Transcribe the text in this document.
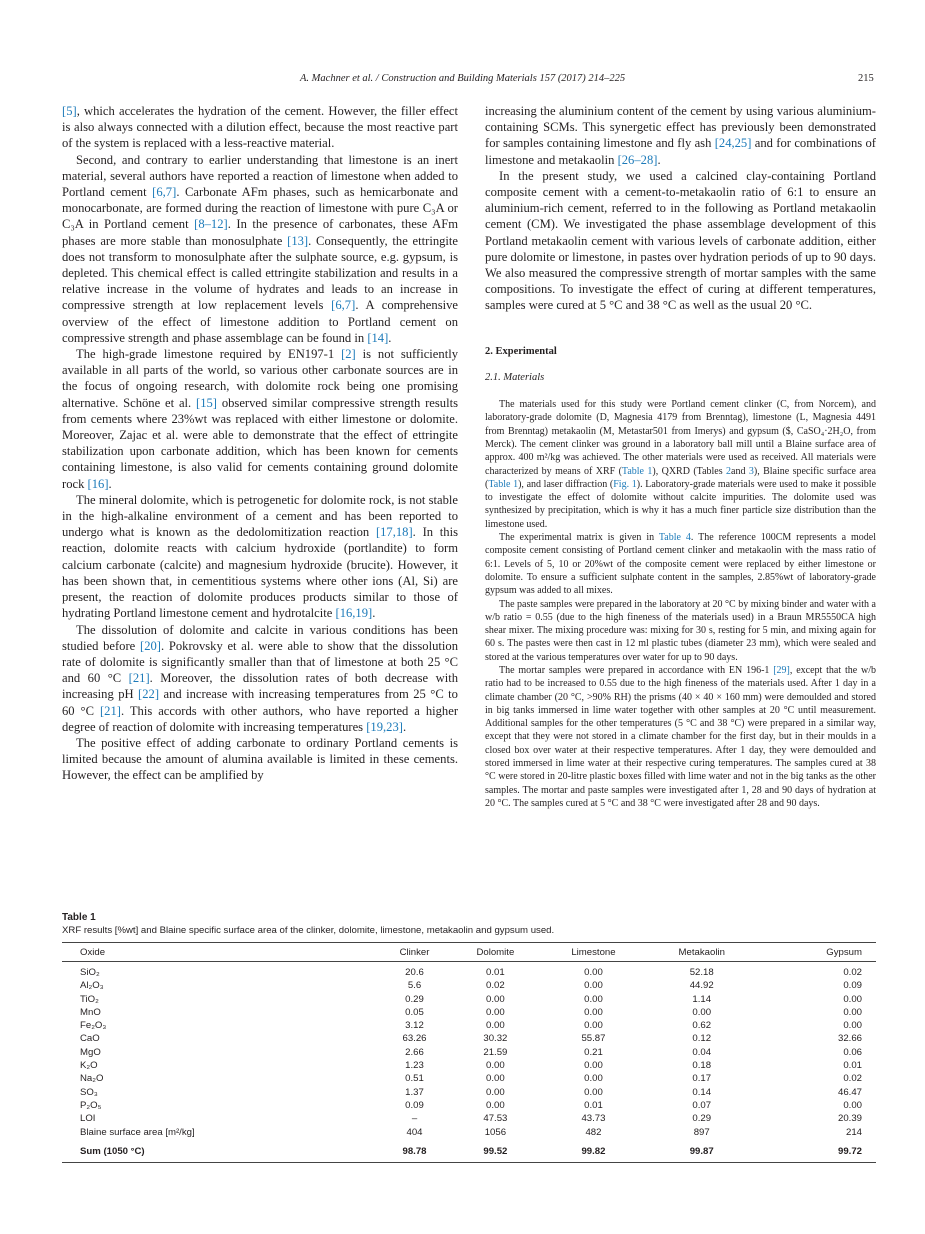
A. Machner et al. / Construction and Building Materials 157 (2017) 214–225	215

[5], which accelerates the hydration of the cement. However, the filler effect is also always connected with a dilution effect, because the most reactive part of the system is replaced with a less-reactive material.

Second, and contrary to earlier understanding that limestone is an inert material, several authors have reported a reaction of limestone when added to Portland cement [6,7]. Carbonate AFm phases, such as hemicarbonate and monocarbonate, are formed during the reaction of limestone with pure C₃A or C₃A in Portland cement [8–12]. In the presence of carbonates, these AFm phases are more stable than monosulphate [13]. Consequently, the ettringite does not transform to monosulphate after the sulphate source, e.g. gypsum, is depleted. This chemical effect is called ettringite stabilization and results in a relative increase in the volume of hydrates and leads to an increase in compressive strength at low replacement levels [6,7]. A comprehensive overview of the effect of limestone addition to Portland cement on compressive strength and phase assemblage can be found in [14].

The high-grade limestone required by EN197-1 [2] is not sufficiently available in all parts of the world, so various other carbonate sources are in the focus of ongoing research, with dolomite rock being one promising alternative. Schöne et al. [15] observed similar compressive strength results from cements where 23%wt was replaced with either limestone or dolomite. Moreover, Zajac et al. were able to demonstrate that the effect of ettringite stabilization upon carbonate addition, which has been known for cements containing limestone, is also valid for cements containing ground dolomite rock [16].

The mineral dolomite, which is petrogenetic for dolomite rock, is not stable in the high-alkaline environment of a cement and has been reported to undergo what is known as the dedolomitization reaction [17,18]. In this reaction, dolomite reacts with calcium hydroxide (portlandite) to form calcium carbonate (calcite) and magnesium hydroxide (brucite). However, it has been shown that, in cementitious systems where other ions (Al, Si) are present, the reaction of dolomite produces products similar to those of hydrating Portland limestone cement and hydrotalcite [16,19].

The dissolution of dolomite and calcite in various conditions has been studied before [20]. Pokrovsky et al. were able to show that the dissolution rate of dolomite is significantly smaller than that of limestone at both 25 °C and 60 °C [21]. Moreover, the dissolution rates of both decrease with increasing pH [22] and increase with increasing temperatures from 25 °C to 60 °C [21]. This accords with other authors, who have reported a higher degree of reaction of dolomite with increasing temperatures [19,23].

The positive effect of adding carbonate to ordinary Portland cements is limited because the amount of alumina available is limited in these cements. However, the effect can be amplified by

increasing the aluminium content of the cement by using various aluminium-containing SCMs. This synergetic effect has previously been demonstrated for samples containing limestone and fly ash [24,25] and for combinations of limestone and metakaolin [26–28].

In the present study, we used a calcined clay-containing Portland composite cement with a cement-to-metakaolin ratio of 6:1 to ensure an aluminium-rich cement, referred to in the following as Portland metakaolin cement (CM). We investigated the phase assemblage development of this Portland metakaolin cement with various levels of carbonate addition, either pure dolomite or limestone, in pastes over hydration periods of up to 90 days. We also measured the compressive strength of mortar samples with the same compositions. To investigate the effect of curing at different temperatures, samples were cured at 5 °C and 38 °C as well as the usual 20 °C.

2. Experimental

2.1. Materials

The materials used for this study were Portland cement clinker (C, from Norcem), and laboratory-grade dolomite (D, Magnesia 4179 from Brenntag), limestone (L, Magnesia 4491 from Brenntag) metakaolin (M, Metastar501 from Imerys) and gypsum ($, CaSO₄·2H₂O, from Merck). The cement clinker was ground in a laboratory ball mill until a Blaine surface area of approx. 400 m²/kg was achieved. The other materials were used as received. All materials were characterized by means of XRF (Table 1), QXRD (Tables 2and 3), Blaine specific surface area (Table 1), and laser diffraction (Fig. 1). Laboratory-grade materials were used to make it possible to investigate the effect of dolomite without calcite impurities. The dolomite used was synthesized by precipitation, which is why it has a much finer particle size distribution than the limestone used.

The experimental matrix is given in Table 4. The reference 100CM represents a model composite cement consisting of Portland cement clinker and metakaolin with the mass ratio of 6:1. Levels of 5, 10 or 20%wt of the composite cement were replaced by either limestone or dolomite. To ensure a sufficient sulphate content in the samples, 2.85%wt of laboratory-grade gypsum was added to all mixes.

The paste samples were prepared in the laboratory at 20 °C by mixing binder and water with a w/b ratio = 0.55 (due to the high fineness of the materials used) in a Braun MR5550CA high shear mixer. The mixing procedure was: mixing for 30 s, resting for 5 min, and mixing again for 60 s. The pastes were then cast in 12 ml plastic tubes (diameter 23 mm), which were sealed and stored at the various temperatures over water for up to 90 days.

The mortar samples were prepared in accordance with EN 196-1 [29], except that the w/b ratio had to be increased to 0.55 due to the high fineness of the materials used. After 1 day in a climate chamber (20 °C, >90% RH) the prisms (40 × 40 × 160 mm) were demoulded and stored in big tanks immersed in lime water together with other samples at 20 °C until measurement. Additional samples for the other temperatures (5 °C and 38 °C) were prepared in a similar way, except that they were not stored in a climate chamber for the first day, but in their moulds in a closed box over water at their respective temperatures. After 1 day, they were demoulded and stored immersed in lime water at their respective curing temperatures. The samples cured at 38 °C were stored in 20-litre plastic boxes filled with lime water and not in the big tanks as the other samples. The mortar and paste samples were investigated after 1, 28 and 90 days of hydration at 20 °C. The samples cured at 5 °C and 38 °C were investigated after 28 and 90 days.

Table 1
XRF results [%wt] and Blaine specific surface area of the clinker, dolomite, limestone, metakaolin and gypsum used.
Oxide	Clinker	Dolomite	Limestone	Metakaolin	Gypsum
SiO₂	20.6	0.01	0.00	52.18	0.02
Al₂O₃	5.6	0.02	0.00	44.92	0.09
TiO₂	0.29	0.00	0.00	1.14	0.00
MnO	0.05	0.00	0.00	0.00	0.00
Fe₂O₃	3.12	0.00	0.00	0.62	0.00
CaO	63.26	30.32	55.87	0.12	32.66
MgO	2.66	21.59	0.21	0.04	0.06
K₂O	1.23	0.00	0.00	0.18	0.01
Na₂O	0.51	0.00	0.00	0.17	0.02
SO₃	1.37	0.00	0.00	0.14	46.47
P₂O₅	0.09	0.00	0.01	0.07	0.00
LOI	–	47.53	43.73	0.29	20.39
Blaine surface area [m²/kg]	404	1056	482	897	214
Sum (1050 °C)	98.78	99.52	99.82	99.87	99.72
